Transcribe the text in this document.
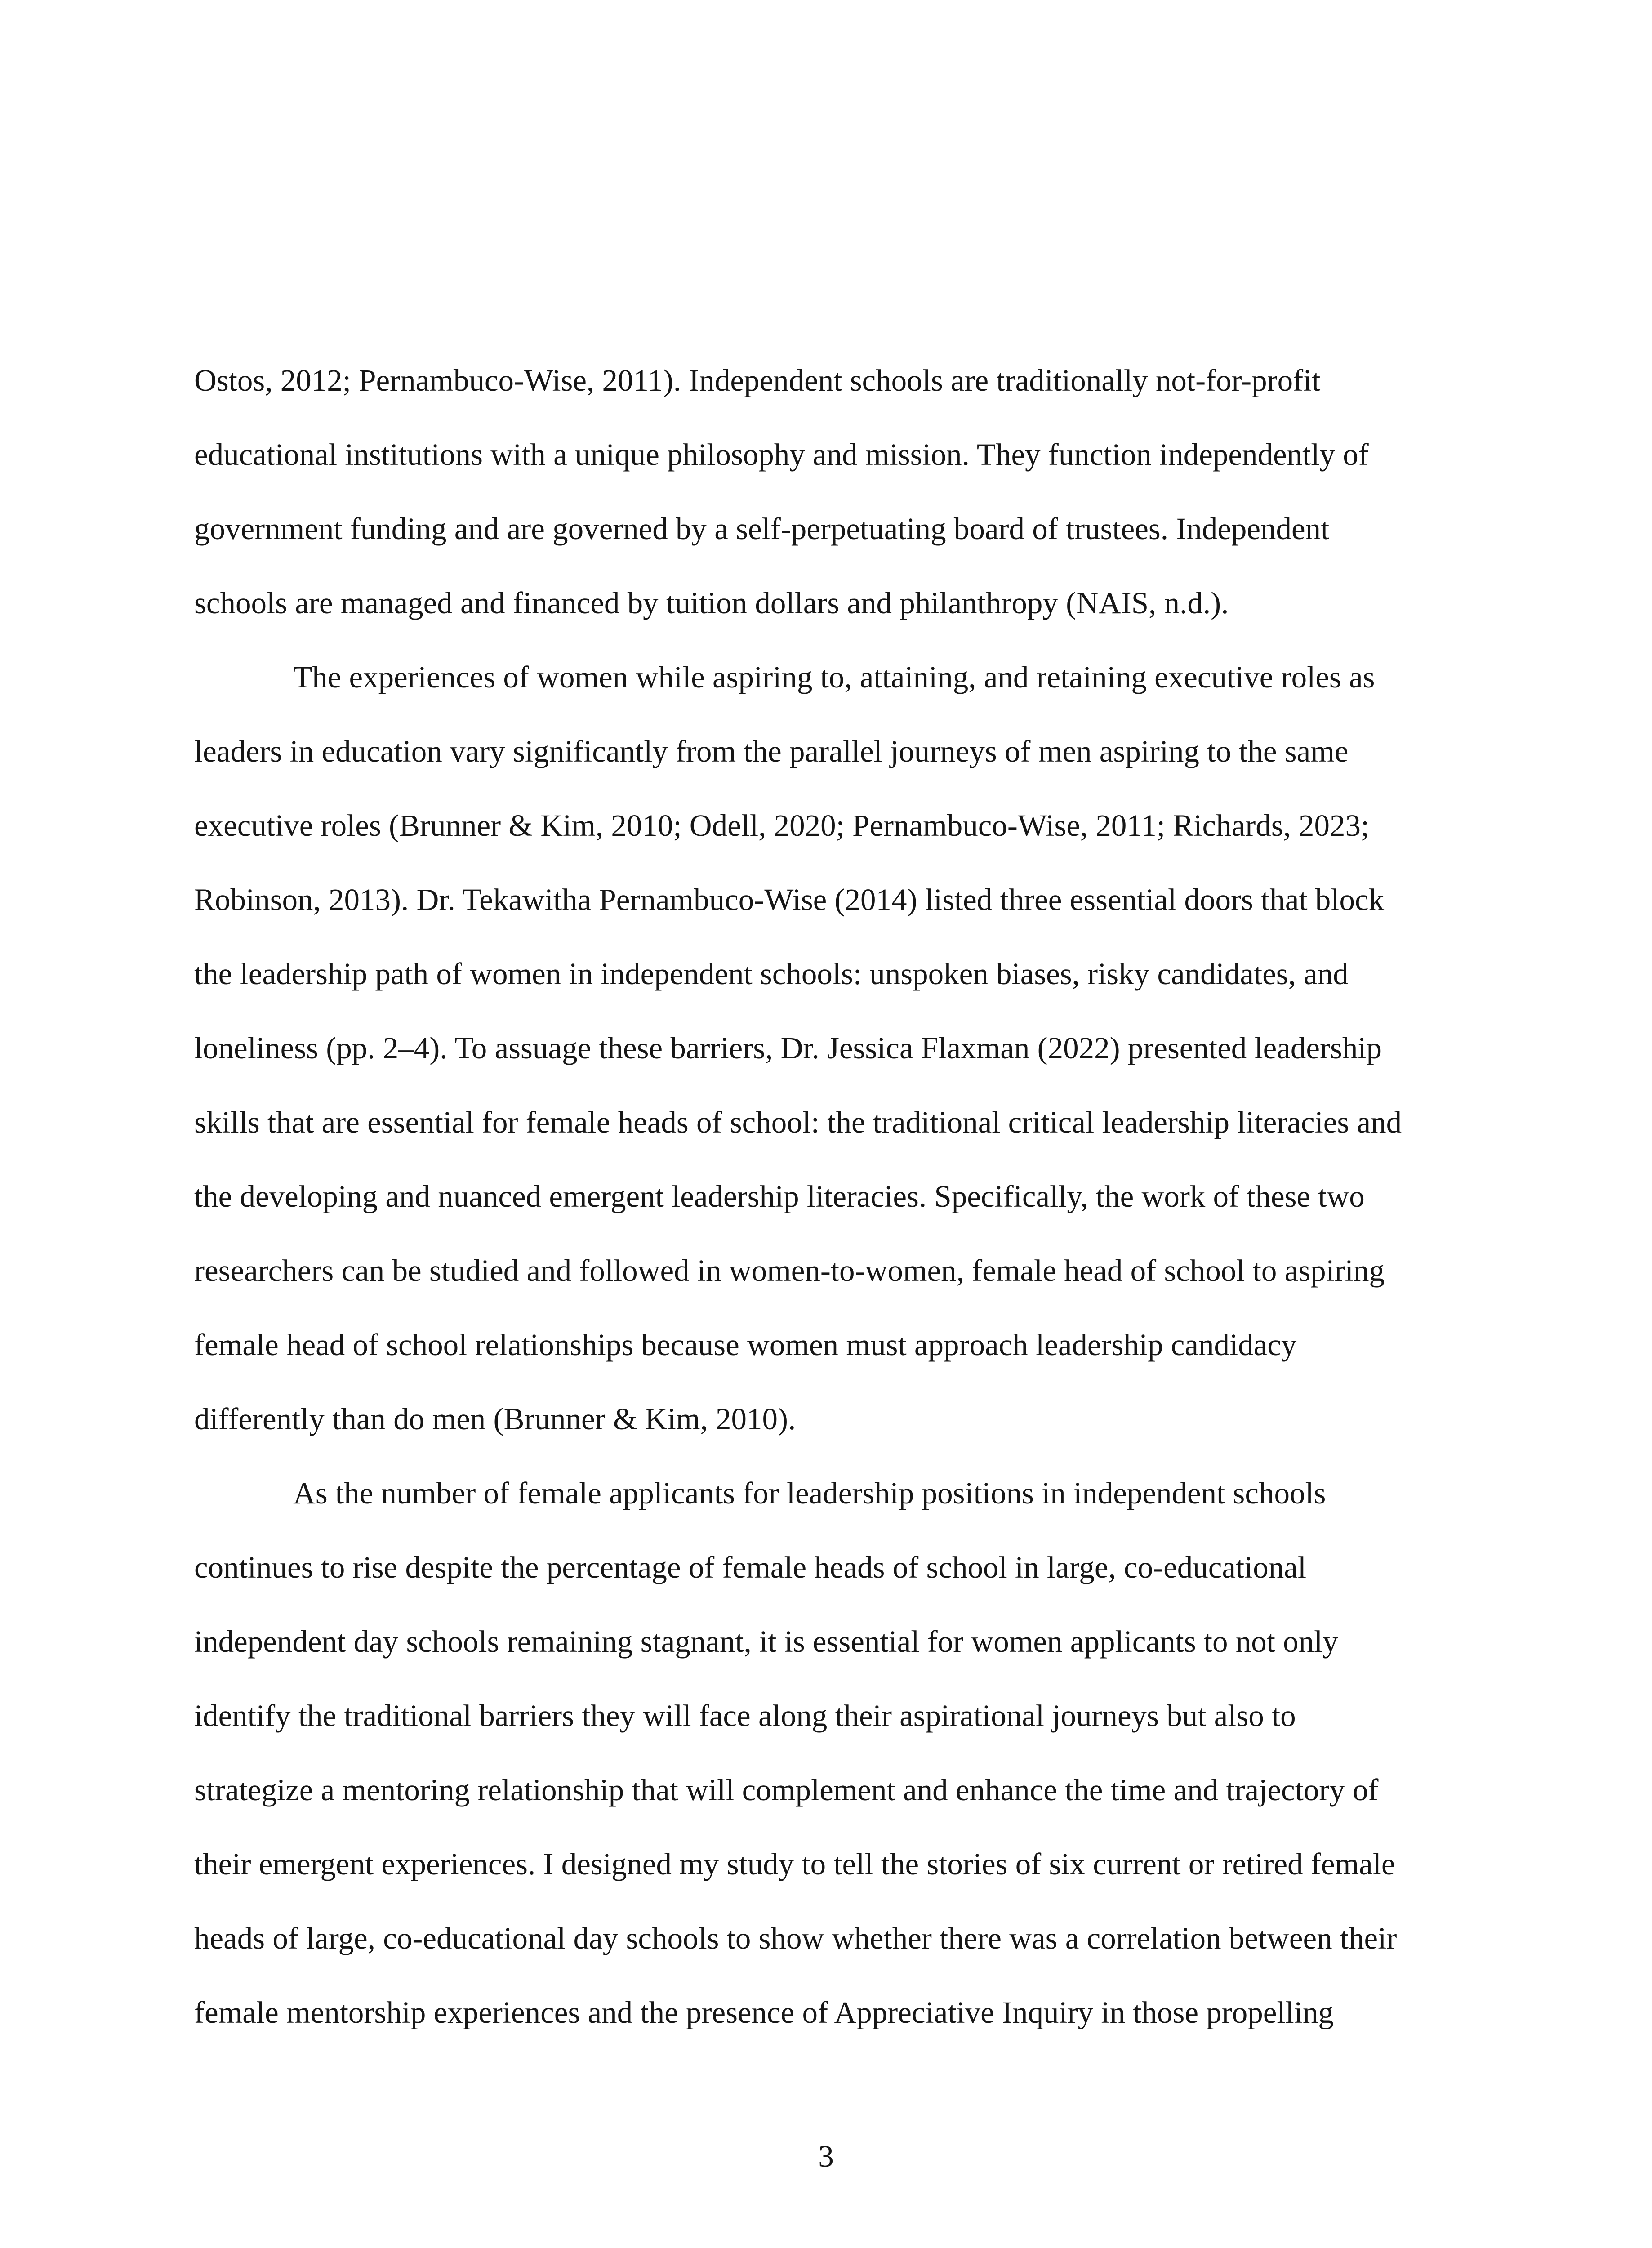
Ostos, 2012; Pernambuco-Wise, 2011). Independent schools are traditionally not-for-profit
educational institutions with a unique philosophy and mission. They function independently of
government funding and are governed by a self-perpetuating board of trustees. Independent
schools are managed and financed by tuition dollars and philanthropy (NAIS, n.d.).
The experiences of women while aspiring to, attaining, and retaining executive roles as
leaders in education vary significantly from the parallel journeys of men aspiring to the same
executive roles (Brunner & Kim, 2010; Odell, 2020; Pernambuco-Wise, 2011; Richards, 2023;
Robinson, 2013). Dr. Tekawitha Pernambuco-Wise (2014) listed three essential doors that block
the leadership path of women in independent schools: unspoken biases, risky candidates, and
loneliness (pp. 2–4). To assuage these barriers, Dr. Jessica Flaxman (2022) presented leadership
skills that are essential for female heads of school: the traditional critical leadership literacies and
the developing and nuanced emergent leadership literacies. Specifically, the work of these two
researchers can be studied and followed in women-to-women, female head of school to aspiring
female head of school relationships because women must approach leadership candidacy
differently than do men (Brunner & Kim, 2010).
As the number of female applicants for leadership positions in independent schools
continues to rise despite the percentage of female heads of school in large, co-educational
independent day schools remaining stagnant, it is essential for women applicants to not only
identify the traditional barriers they will face along their aspirational journeys but also to
strategize a mentoring relationship that will complement and enhance the time and trajectory of
their emergent experiences. I designed my study to tell the stories of six current or retired female
heads of large, co-educational day schools to show whether there was a correlation between their
female mentorship experiences and the presence of Appreciative Inquiry in those propelling
3
